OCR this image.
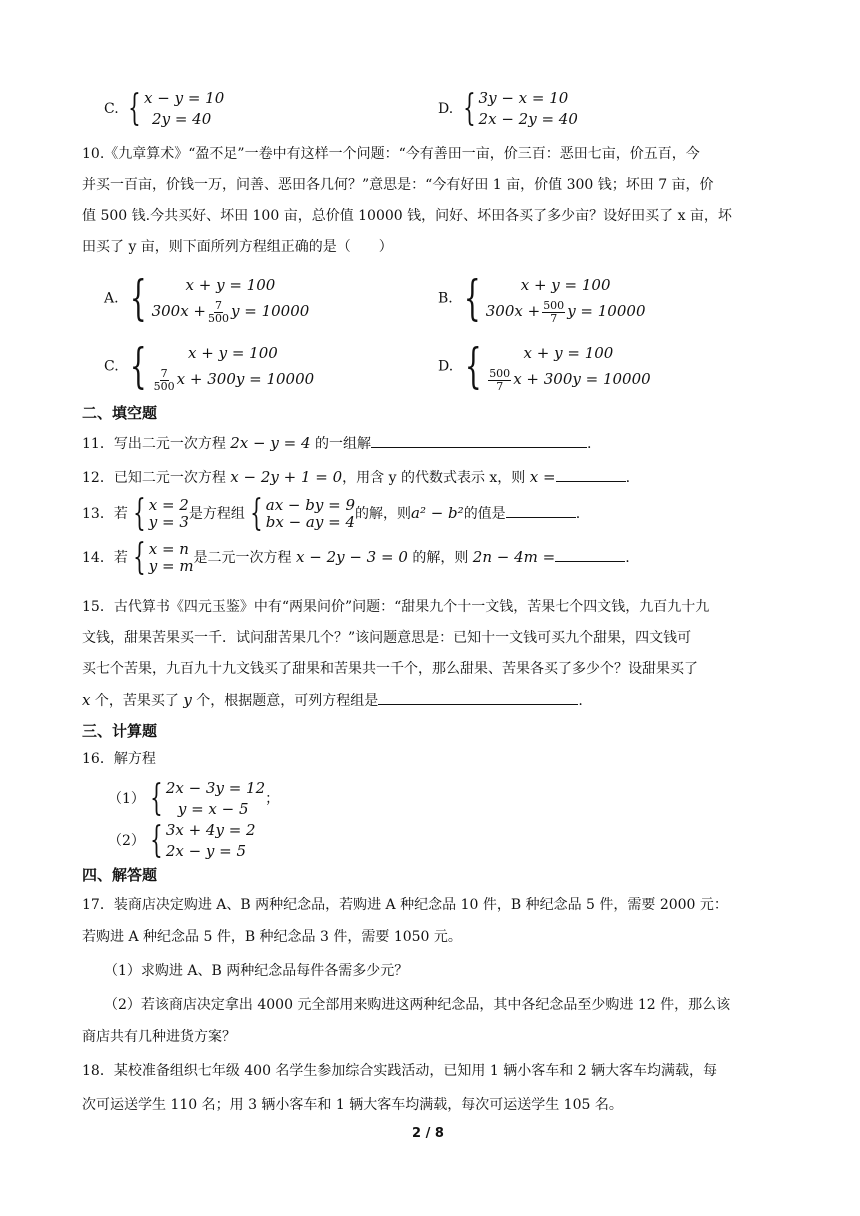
C. { x − y = 10
2y = 40
D. { 3y − x = 10
2x − 2y = 40
10.《九章算术》“盈不足”一卷中有这样一个问题：“今有善田一亩，价三百：恶田七亩，价五百，今
并买一百亩，价钱一万，问善、恶田各几何？”意思是：“今有好田 1 亩，价值 300 钱；坏田 7 亩，价
值 500 钱.今共买好、坏田 100 亩，总价值 10000 钱，问好、坏田各买了多少亩？设好田买了 x 亩，坏
田买了 y 亩，则下面所列方程组正确的是（　　）
A. {	x + y = 100
$300x + \frac{7}{500}$ y = 10000
B. {	x + y = 100
$300x + \frac{500}{7}$ y = 10000
C. {	x + y = 100
$\frac{7}{500}$ x + 300y = 10000
D. {	x + y = 100
$\frac{500}{7}$ x + 300y = 10000
二、填空题
11．写出二元一次方程 2x − y = 4 的一组解	.
12．已知二元一次方程 x − 2y + 1 = 0，用含 y 的代数式表示 x，则 x =	.
13．若 { x = 2
y = 3 是方程组 { ax − by = 9
bx − ay = 4 的解，则a² − b²的值是	.
14．若 { x = n
y = m 是二元一次方程 x − 2y − 3 = 0 的解，则 2n − 4m =	.
15．古代算书《四元玉鉴》中有“两果问价”问题：“甜果九个十一文钱，苦果七个四文钱，九百九十九
文钱，甜果苦果买一千．试问甜苦果几个？”该问题意思是：已知十一文钱可买九个甜果，四文钱可
买七个苦果，九百九十九文钱买了甜果和苦果共一千个，那么甜果、苦果各买了多少个？设甜果买了
x 个，苦果买了 y 个，根据题意，可列方程组是	.
三、计算题
16．解方程
（1） { 2x − 3y = 12
y = x − 5
；
（2） { 3x + 4y = 2
2x − y = 5
四、解答题
17．装商店决定购进 A、B 两种纪念品，若购进 A 种纪念品 10 件，B 种纪念品 5 件，需要 2000 元：
若购进 A 种纪念品 5 件，B 种纪念品 3 件，需要 1050 元。
（1）求购进 A、B 两种纪念品每件各需多少元？
（2）若该商店决定拿出 4000 元全部用来购进这两种纪念品，其中各纪念品至少购进 12 件，那么该
商店共有几种进货方案？
18．某校准备组织七年级 400 名学生参加综合实践活动，已知用 1 辆小客车和 2 辆大客车均满载，每
次可运送学生 110 名；用 3 辆小客车和 1 辆大客车均满载，每次可运送学生 105 名。
2 / 8
